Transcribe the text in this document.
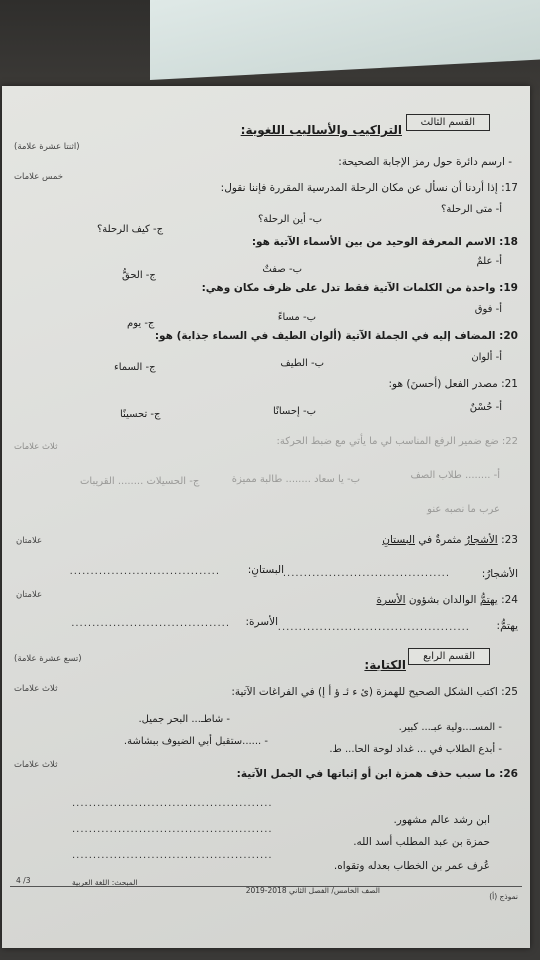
القسم الثالث
التراكيب والأساليب اللغوية:
(اثنتا عشرة علامة)
- ارسم دائرة حول رمز الإجابة الصحيحة:
خمس علامات
17: إذا أردنا أن نسأل عن مكان الرحلة المدرسية المقررة فإننا نقول:
أ- متى الرحلة؟
ب- أين الرحلة؟
ج- كيف الرحلة؟
18: الاسم المعرفة الوحيد من بين الأسماء الآتية هو:
أ- علمٌ
ب- صفتٌ
ج- الحقُّ
19: واحدة من الكلمات الآتية فقط تدل على ظرف مكان وهي:
أ- فوق
ب- مساءً
ج- يوم
20: المضاف إليه في الجملة الآتية (ألوان الطيف في السماء جذابة) هو:
أ- ألوان
ب- الطيف
ج- السماء
21: مصدر الفعل (أحسنَ) هو:
أ- حُسْنٌ
ب- إحسانًا
ج- تحسينًا
22: ضع ضمير الرفع المناسب لي ما يأتي مع ضبط الحركة:
ثلاث علامات
أ- ........ طلاب الصف
ب- يا سعاد ........ طالبة مميزة
ج- الحسيلات ........ القريبات
عرب ما نصبه عنو
23: الأشجارُ مثمرةٌ في البستانِ
علامتان
الأشجارُ:
........................................
البستانِ:
....................................
24: يهتمُّ الوالدان بشؤون الأسرة
علامتان
يهتمُّ:
..............................................
الأسرة:
......................................
القسم الرابع
الكتابة:
(تسع عشرة علامة)
25: اكتب الشكل الصحيح للهمزة (ئ ء ئـ ؤ أ إ) في الفراغات الآتية:
ثلاث علامات
- شاطـ... البحر جميل.
- المسـ...ولية عبـ... كبير.
- ......ستقبل أبي الضيوف ببشاشة.
- أبدع الطلاب في ... غداد لوحة الحا... ط.
26: ما سبب حذف همزة ابن أو إثباتها في الجمل الآتية:
ثلاث علامات
ابن رشد عالم مشهور.
................................................
حمزة بن عبد المطلب أسد الله.
................................................
عُرف عمر بن الخطاب بعدله وتقواه.
................................................
نموذج (أ)
الصف الخامس/ الفصل الثاني 2018-2019
المبحث: اللغة العربية
3/ 4
